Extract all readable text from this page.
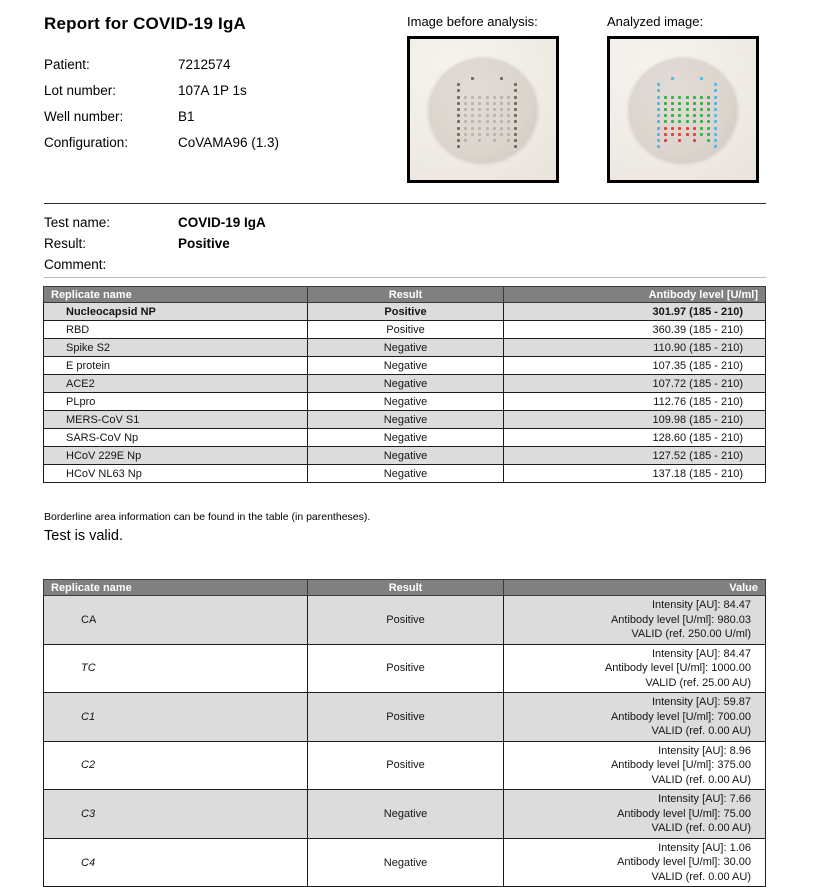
Report for COVID-19 IgA
Patient:	7212574
Lot number:	107A 1P 1s
Well number:	B1
Configuration:	CoVAMA96 (1.3)
Image before analysis:	Analyzed image:
Test name:	COVID-19 IgA
Result:	Positive
Comment:	
Replicate name	Result	Antibody level [U/ml]
Nucleocapsid NP	Positive	301.97 (185 - 210)
RBD	Positive	360.39 (185 - 210)
Spike S2	Negative	110.90 (185 - 210)
E protein	Negative	107.35 (185 - 210)
ACE2	Negative	107.72 (185 - 210)
PLpro	Negative	112.76 (185 - 210)
MERS-CoV S1	Negative	109.98 (185 - 210)
SARS-CoV Np	Negative	128.60 (185 - 210)
HCoV 229E Np	Negative	127.52 (185 - 210)
HCoV NL63 Np	Negative	137.18 (185 - 210)
Borderline area information can be found in the table (in parentheses).
Test is valid.
Replicate name	Result	Value
CA	Positive	Intensity [AU]: 84.47
Antibody level [U/ml]: 980.03
VALID (ref. 250.00 U/ml)

TC	Positive	Intensity [AU]: 84.47
Antibody level [U/ml]: 1000.00
VALID (ref. 25.00 AU)

C1	Positive	Intensity [AU]: 59.87
Antibody level [U/ml]: 700.00
VALID (ref. 0.00 AU)

C2	Positive	Intensity [AU]: 8.96
Antibody level [U/ml]: 375.00
VALID (ref. 0.00 AU)

C3	Negative	Intensity [AU]: 7.66
Antibody level [U/ml]: 75.00
VALID (ref. 0.00 AU)

C4	Negative	Intensity [AU]: 1.06
Antibody level [U/ml]: 30.00
VALID (ref. 0.00 AU)
